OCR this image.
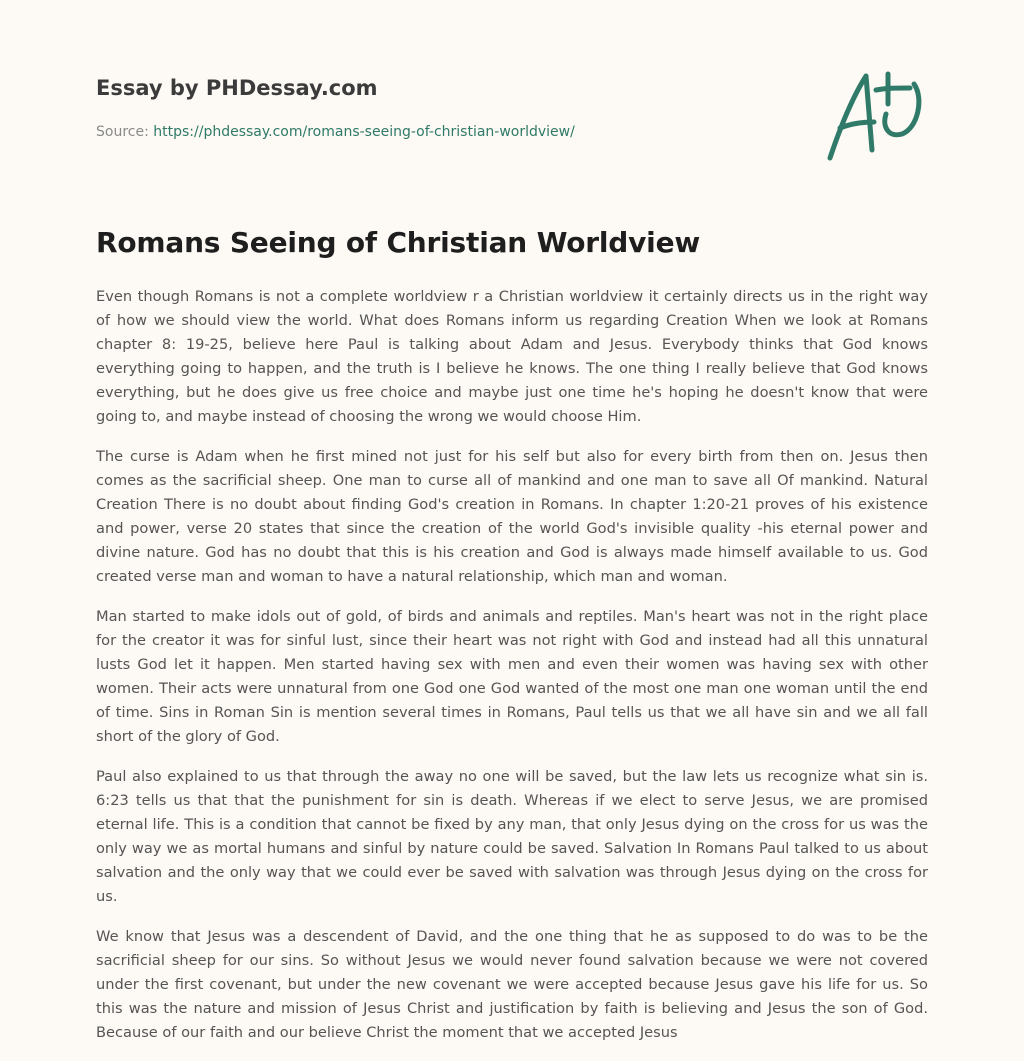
Essay by PHDessay.com
Source: https://phdessay.com/romans-seeing-of-christian-worldview/
Romans Seeing of Christian Worldview

Even though Romans is not a complete worldview r a Christian worldview it certainly directs us in the right way of how we should view the world. What does Romans inform us regarding Creation When we look at Romans chapter 8: 19-25, believe here Paul is talking about Adam and Jesus. Everybody thinks that God knows everything going to happen, and the truth is I believe he knows. The one thing I really believe that God knows everything, but he does give us free choice and maybe just one time he's hoping he doesn't know that were going to, and maybe instead of choosing the wrong we would choose Him.

The curse is Adam when he first mined not just for his self but also for every birth from then on. Jesus then comes as the sacrificial sheep. One man to curse all of mankind and one man to save all Of mankind. Natural Creation There is no doubt about finding God's creation in Romans. In chapter 1:20-21 proves of his existence and power, verse 20 states that since the creation of the world God's invisible quality -his eternal power and divine nature. God has no doubt that this is his creation and God is always made himself available to us. God created verse man and woman to have a natural relationship, which man and woman.

Man started to make idols out of gold, of birds and animals and reptiles. Man's heart was not in the right place for the creator it was for sinful lust, since their heart was not right with God and instead had all this unnatural lusts God let it happen. Men started having sex with men and even their women was having sex with other women. Their acts were unnatural from one God one God wanted of the most one man one woman until the end of time. Sins in Roman Sin is mention several times in Romans, Paul tells us that we all have sin and we all fall short of the glory of God.

Paul also explained to us that through the away no one will be saved, but the law lets us recognize what sin is. 6:23 tells us that that the punishment for sin is death. Whereas if we elect to serve Jesus, we are promised eternal life. This is a condition that cannot be fixed by any man, that only Jesus dying on the cross for us was the only way we as mortal humans and sinful by nature could be saved. Salvation In Romans Paul talked to us about salvation and the only way that we could ever be saved with salvation was through Jesus dying on the cross for us.

We know that Jesus was a descendent of David, and the one thing that he as supposed to do was to be the sacrificial sheep for our sins. So without Jesus we would never found salvation because we were not covered under the first covenant, but under the new covenant we were accepted because Jesus gave his life for us. So this was the nature and mission of Jesus Christ and justification by faith is believing and Jesus the son of God. Because of our faith and our believe Christ the moment that we accepted Jesus
